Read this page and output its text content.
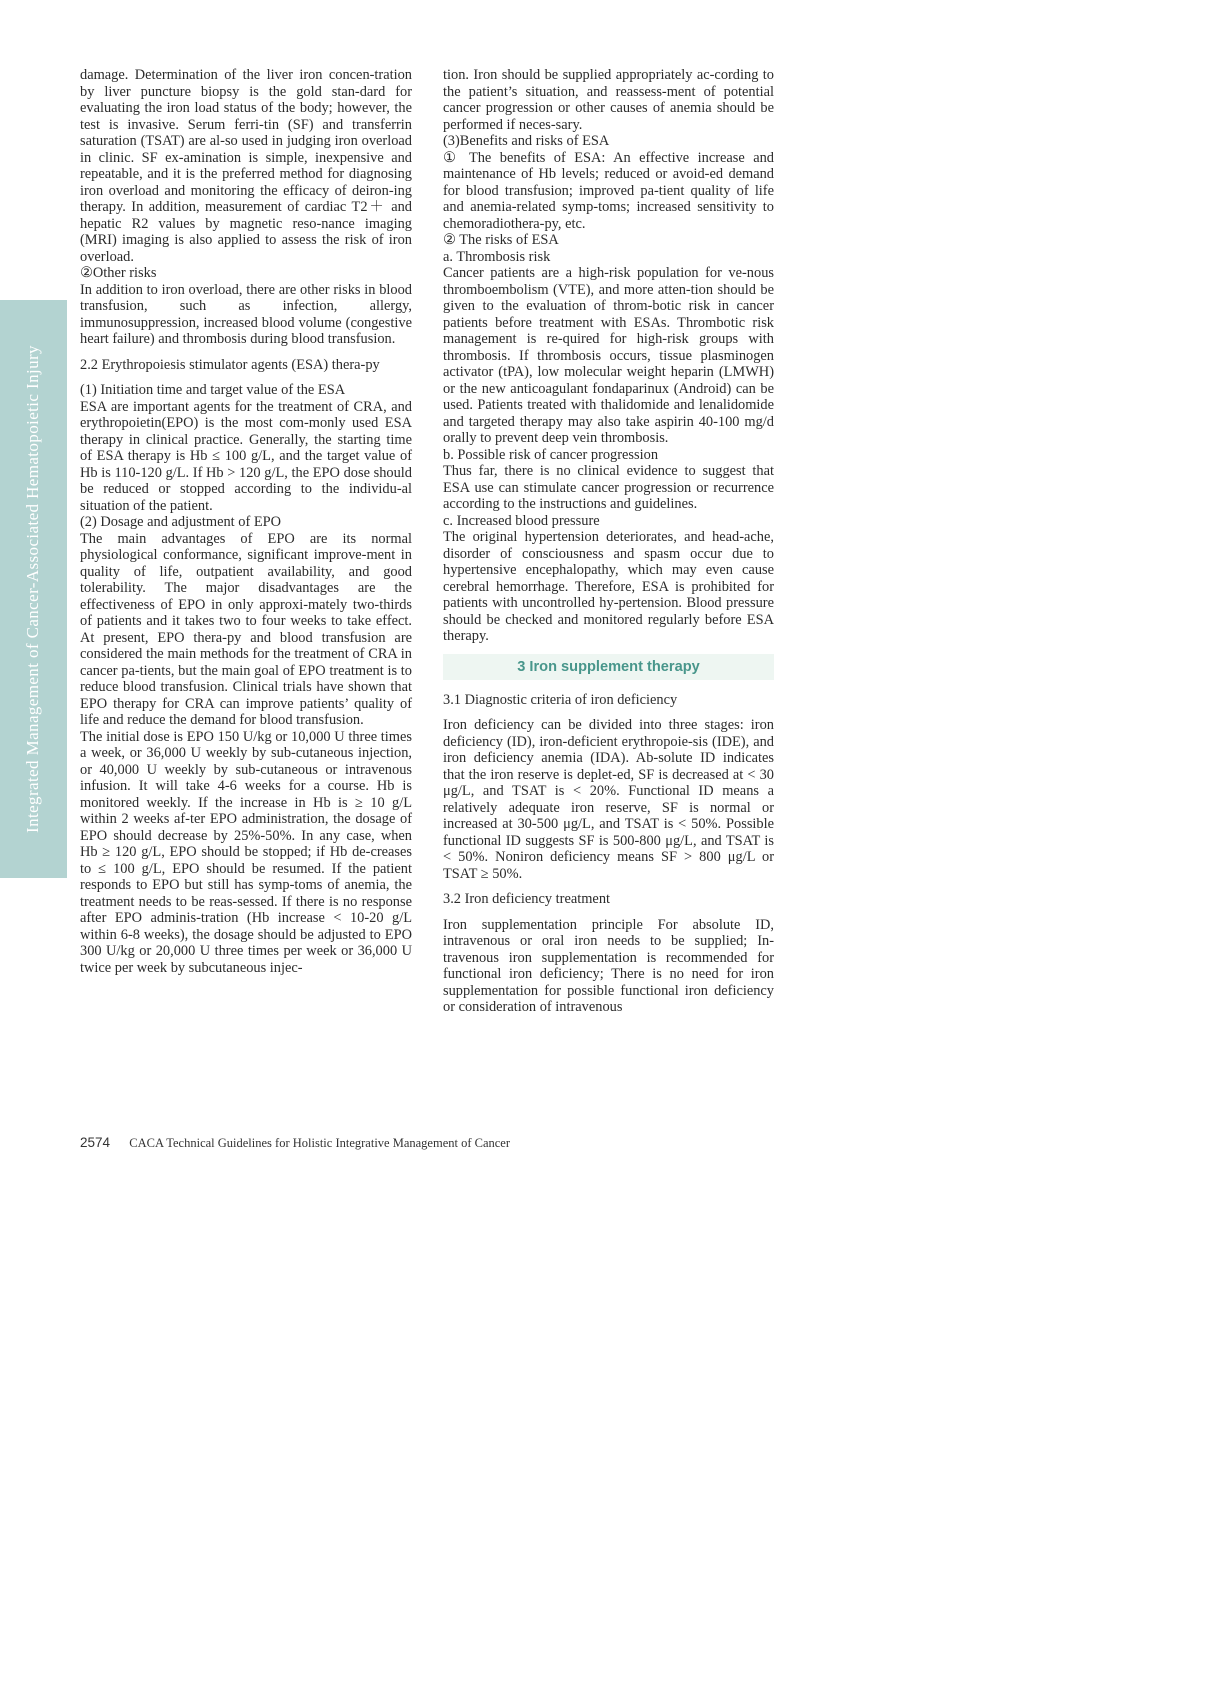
Integrated Management of Cancer-Associated Hematopoietic Injury

damage. Determination of the liver iron concen-tration by liver puncture biopsy is the gold stan-dard for evaluating the iron load status of the body; however, the test is invasive. Serum ferri-tin (SF) and transferrin saturation (TSAT) are al-so used in judging iron overload in clinic. SF ex-amination is simple, inexpensive and repeatable, and it is the preferred method for diagnosing iron overload and monitoring the efficacy of deiron-ing therapy. In addition, measurement of cardiac T2＋ and hepatic R2 values by magnetic reso-nance imaging (MRI) imaging is also applied to assess the risk of iron overload.

②Other risks

In addition to iron overload, there are other risks in blood transfusion, such as infection, allergy, immunosuppression, increased blood volume (congestive heart failure) and thrombosis during blood transfusion.

2.2 Erythropoiesis stimulator agents (ESA) thera-py

(1) Initiation time and target value of the ESA

ESA are important agents for the treatment of CRA, and erythropoietin(EPO) is the most com-monly used ESA therapy in clinical practice. Generally, the starting time of ESA therapy is Hb ≤ 100 g/L, and the target value of Hb is 110-120 g/L. If Hb > 120 g/L, the EPO dose should be reduced or stopped according to the individu-al situation of the patient.

(2) Dosage and adjustment of EPO

The main advantages of EPO are its normal physiological conformance, significant improve-ment in quality of life, outpatient availability, and good tolerability. The major disadvantages are the effectiveness of EPO in only approxi-mately two-thirds of patients and it takes two to four weeks to take effect. At present, EPO thera-py and blood transfusion are considered the main methods for the treatment of CRA in cancer pa-tients, but the main goal of EPO treatment is to reduce blood transfusion. Clinical trials have shown that EPO therapy for CRA can improve patients’ quality of life and reduce the demand for blood transfusion.

The initial dose is EPO 150 U/kg or 10,000 U three times a week, or 36,000 U weekly by sub-cutaneous injection, or 40,000 U weekly by sub-cutaneous or intravenous infusion. It will take 4-6 weeks for a course. Hb is monitored weekly. If the increase in Hb is ≥ 10 g/L within 2 weeks af-ter EPO administration, the dosage of EPO should decrease by 25%-50%. In any case, when Hb ≥ 120 g/L, EPO should be stopped; if Hb de-creases to ≤ 100 g/L, EPO should be resumed. If the patient responds to EPO but still has symp-toms of anemia, the treatment needs to be reas-sessed. If there is no response after EPO adminis-tration (Hb increase < 10-20 g/L within 6-8 weeks), the dosage should be adjusted to EPO 300 U/kg or 20,000 U three times per week or 36,000 U twice per week by subcutaneous injec-

tion. Iron should be supplied appropriately ac-cording to the patient’s situation, and reassess-ment of potential cancer progression or other causes of anemia should be performed if neces-sary.

(3)Benefits and risks of ESA

① The benefits of ESA: An effective increase and maintenance of Hb levels; reduced or avoid-ed demand for blood transfusion; improved pa-tient quality of life and anemia-related symp-toms; increased sensitivity to chemoradiothera-py, etc.

② The risks of ESA

a. Thrombosis risk

Cancer patients are a high-risk population for ve-nous thromboembolism (VTE), and more atten-tion should be given to the evaluation of throm-botic risk in cancer patients before treatment with ESAs. Thrombotic risk management is re-quired for high-risk groups with thrombosis. If thrombosis occurs, tissue plasminogen activator (tPA), low molecular weight heparin (LMWH) or the new anticoagulant fondaparinux (Android) can be used. Patients treated with thalidomide and lenalidomide and targeted therapy may also take aspirin 40-100 mg/d orally to prevent deep vein thrombosis.

b. Possible risk of cancer progression

Thus far, there is no clinical evidence to suggest that ESA use can stimulate cancer progression or recurrence according to the instructions and guidelines.

c. Increased blood pressure

The original hypertension deteriorates, and head-ache, disorder of consciousness and spasm occur due to hypertensive encephalopathy, which may even cause cerebral hemorrhage. Therefore, ESA is prohibited for patients with uncontrolled hy-pertension. Blood pressure should be checked and monitored regularly before ESA therapy.

3 Iron supplement therapy

3.1 Diagnostic criteria of iron deficiency

Iron deficiency can be divided into three stages: iron deficiency (ID), iron-deficient erythropoie-sis (IDE), and iron deficiency anemia (IDA). Ab-solute ID indicates that the iron reserve is deplet-ed, SF is decreased at < 30 μg/L, and TSAT is < 20%. Functional ID means a relatively adequate iron reserve, SF is normal or increased at 30-500 μg/L, and TSAT is < 50%. Possible functional ID suggests SF is 500-800 μg/L, and TSAT is < 50%. Noniron deficiency means SF > 800 μg/L or TSAT ≥ 50%.

3.2 Iron deficiency treatment

Iron supplementation principle For absolute ID, intravenous or oral iron needs to be supplied; In-travenous iron supplementation is recommended for functional iron deficiency; There is no need for iron supplementation for possible functional iron deficiency or consideration of intravenous

2574 CACA Technical Guidelines for Holistic Integrative Management of Cancer
